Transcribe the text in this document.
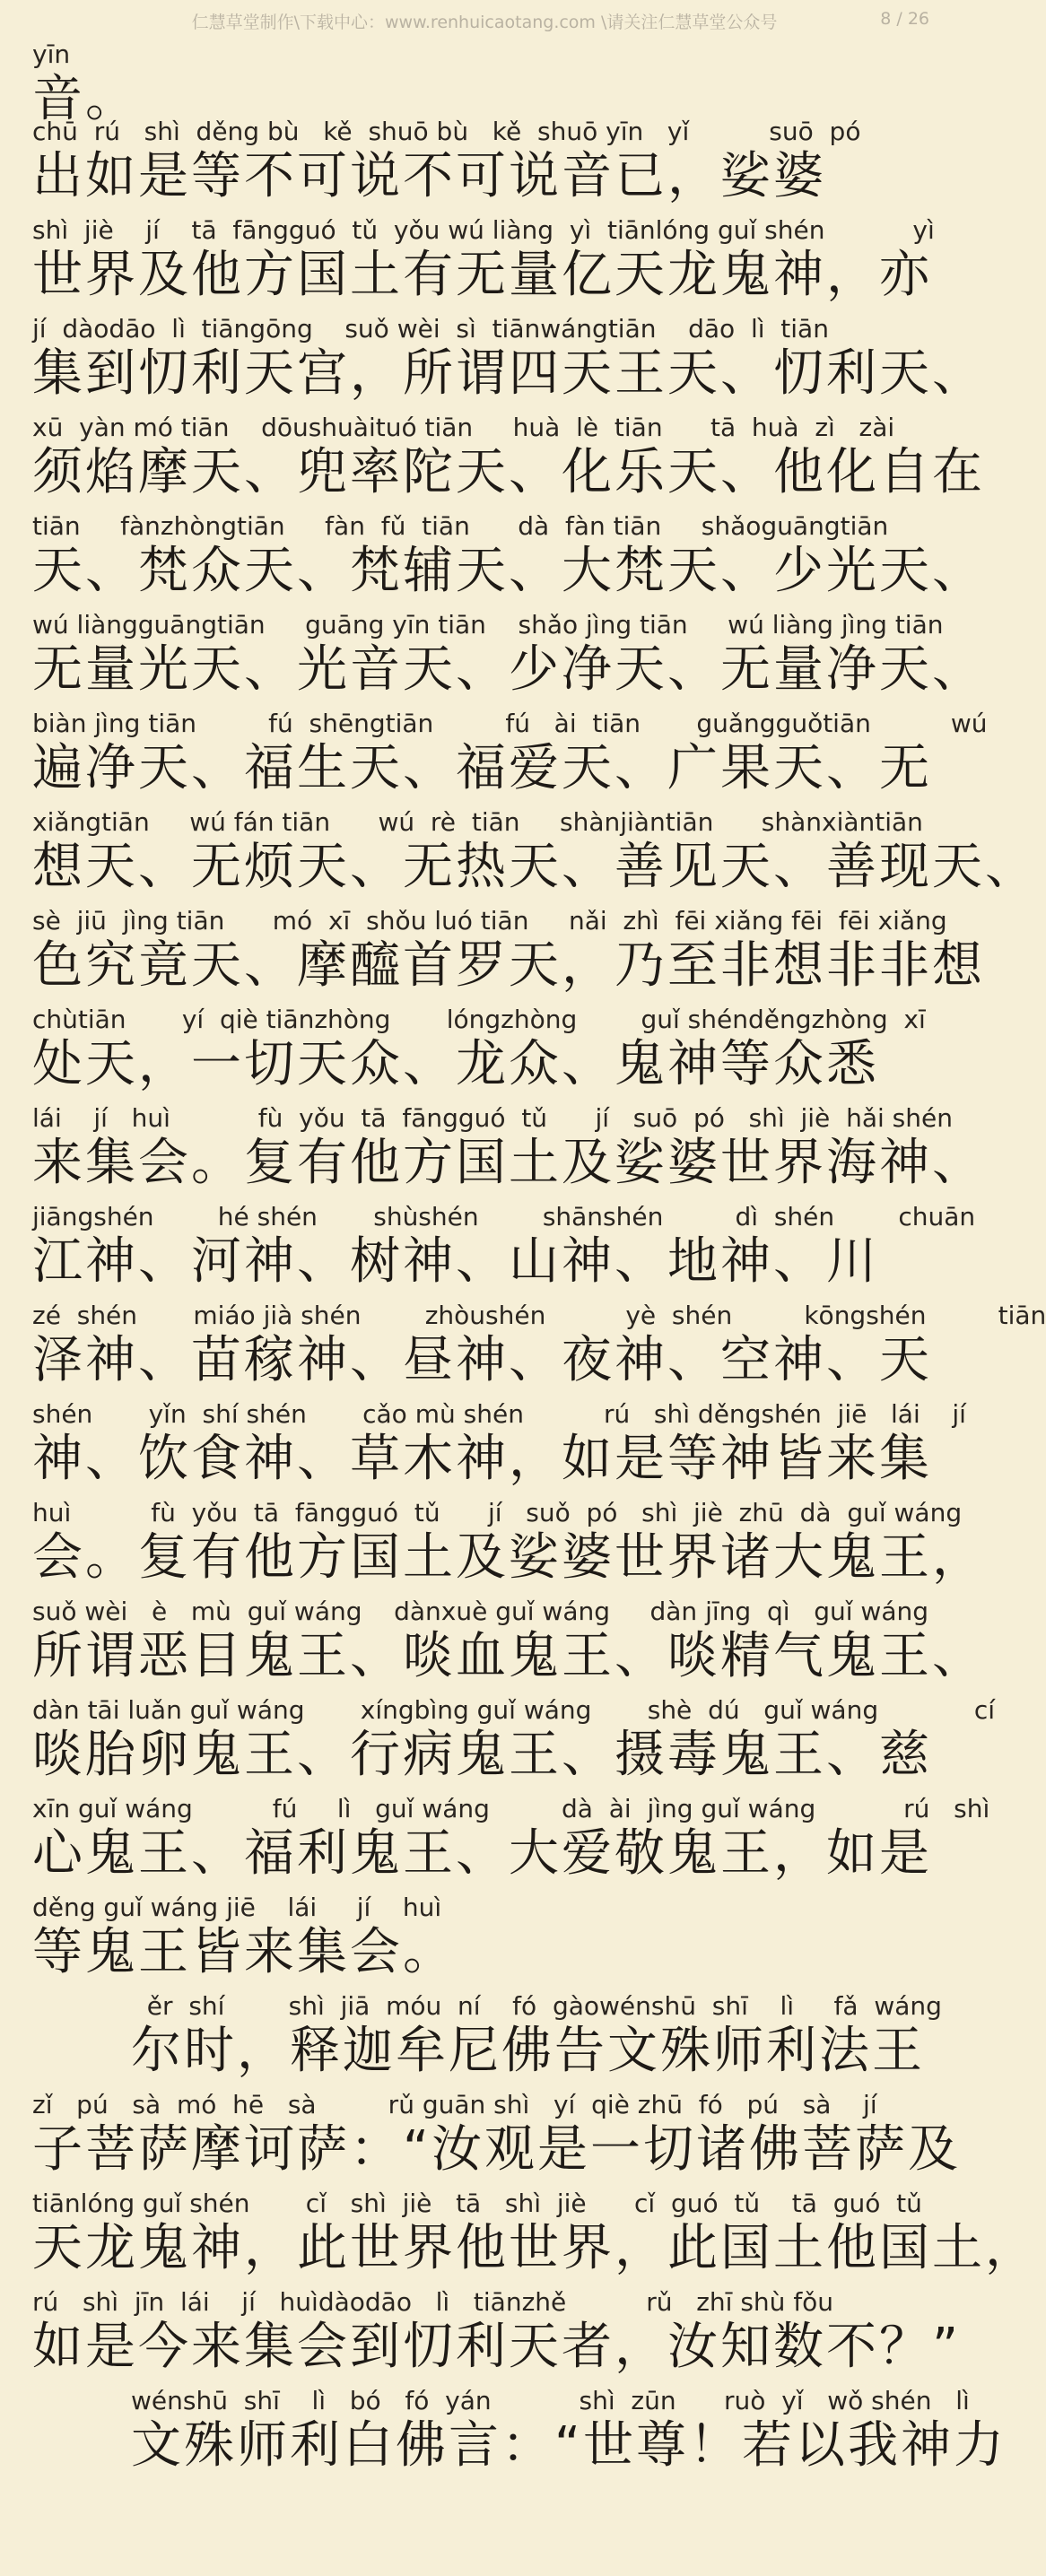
仁慧草堂制作\下载中心：www.renhuicaotang.com \请关注仁慧草堂公众号	8 / 26
yīn
音。
chū  rú   shì  děng bù   kě  shuō bù   kě  shuō yīn   yǐ          suō  pó
出如是等不可说不可说音已，娑婆
shì  jiè    jí    tā  fāngguó  tǔ  yǒu wú liàng  yì  tiānlóng guǐ shén           yì
世界及他方国土有无量亿天龙鬼神，亦
jí  dàodāo  lì  tiāngōng    suǒ wèi  sì  tiānwángtiān    dāo  lì  tiān
集到忉利天宫，所谓四天王天、忉利天、
xū  yàn mó tiān    dōushuàituó tiān     huà  lè  tiān      tā  huà  zì   zài
须焰摩天、兜率陀天、化乐天、他化自在
tiān     fànzhòngtiān     fàn  fǔ  tiān      dà  fàn tiān     shǎoguāngtiān
天、梵众天、梵辅天、大梵天、少光天、
wú liàngguāngtiān     guāng yīn tiān    shǎo jìng tiān     wú liàng jìng tiān
无量光天、光音天、少净天、无量净天、
biàn jìng tiān         fú  shēngtiān         fú   ài  tiān       guǎngguǒtiān          wú
遍净天、福生天、福爱天、广果天、无
xiǎngtiān     wú fán tiān      wú  rè  tiān     shànjiàntiān      shànxiàntiān
想天、无烦天、无热天、善见天、善现天、
sè  jiū  jìng tiān      mó  xī  shǒu luó tiān     nǎi  zhì  fēi xiǎng fēi  fēi xiǎng
色究竟天、摩醯首罗天，乃至非想非非想
chùtiān       yí  qiè tiānzhòng       lóngzhòng        guǐ shénděngzhòng  xī
处天，一切天众、龙众、鬼神等众悉
lái    jí   huì           fù  yǒu  tā  fāngguó  tǔ      jí   suō  pó   shì  jiè  hǎi shén
来集会。复有他方国土及娑婆世界海神、
jiāngshén        hé shén       shùshén        shānshén         dì  shén        chuān
江神、河神、树神、山神、地神、川
zé  shén       miáo jià shén        zhòushén          yè  shén         kōngshén         tiān
泽神、苗稼神、昼神、夜神、空神、天
shén       yǐn  shí shén       cǎo mù shén          rú   shì děngshén  jiē   lái    jí
神、饮食神、草木神，如是等神皆来集
huì          fù  yǒu  tā  fāngguó  tǔ      jí   suǒ  pó   shì  jiè  zhū  dà  guǐ wáng
会。复有他方国土及娑婆世界诸大鬼王，
suǒ wèi   è   mù  guǐ wáng    dànxuè guǐ wáng     dàn jīng  qì   guǐ wáng
所谓恶目鬼王、啖血鬼王、啖精气鬼王、
dàn tāi luǎn guǐ wáng       xíngbìng guǐ wáng       shè  dú   guǐ wáng            cí
啖胎卵鬼王、行病鬼王、摄毒鬼王、慈
xīn guǐ wáng          fú     lì   guǐ wáng         dà  ài  jìng guǐ wáng           rú   shì
心鬼王、福利鬼王、大爱敬鬼王，如是
děng guǐ wáng jiē    lái     jí    huì
等鬼王皆来集会。
ěr  shí        shì  jiā  móu  ní    fó  gàowénshū  shī    lì     fǎ  wáng
尔时，释迦牟尼佛告文殊师利法王
zǐ   pú   sà  mó  hē   sà         rǔ guān shì   yí  qiè zhū  fó   pú   sà    jí
子菩萨摩诃萨：“汝观是一切诸佛菩萨及
tiānlóng guǐ shén       cǐ   shì  jiè   tā   shì  jiè      cǐ  guó  tǔ    tā  guó  tǔ
天龙鬼神，此世界他世界，此国土他国土，
rú   shì  jīn  lái    jí   huìdàodāo   lì   tiānzhě          rǔ   zhī shù fǒu
如是今来集会到忉利天者，汝知数不？”
wénshū  shī    lì   bó   fó  yán           shì  zūn      ruò  yǐ   wǒ shén   lì
文殊师利白佛言：“世尊！若以我神力
